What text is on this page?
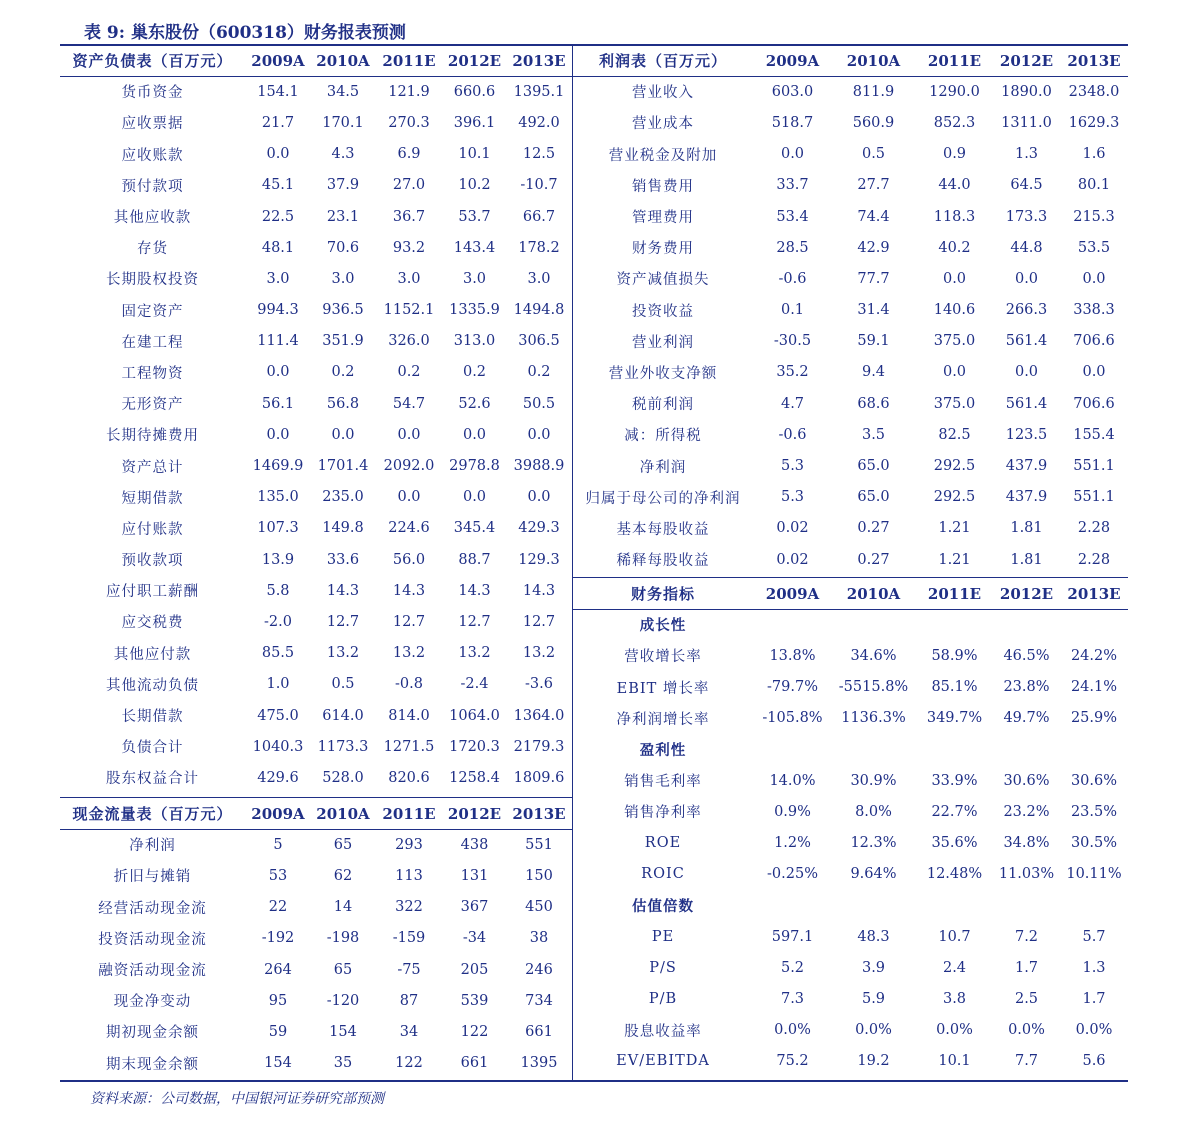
表 9: 巢东股份（600318）财务报表预测
资产负债表（百万元）	2009A	2010A	2011E	2012E	2013E
货币资金	154.1	34.5	121.9	660.6	1395.1
应收票据	21.7	170.1	270.3	396.1	492.0
应收账款	0.0	4.3	6.9	10.1	12.5
预付款项	45.1	37.9	27.0	10.2	-10.7
其他应收款	22.5	23.1	36.7	53.7	66.7
存货	48.1	70.6	93.2	143.4	178.2
长期股权投资	3.0	3.0	3.0	3.0	3.0
固定资产	994.3	936.5	1152.1	1335.9	1494.8
在建工程	111.4	351.9	326.0	313.0	306.5
工程物资	0.0	0.2	0.2	0.2	0.2
无形资产	56.1	56.8	54.7	52.6	50.5
长期待摊费用	0.0	0.0	0.0	0.0	0.0
资产总计	1469.9	1701.4	2092.0	2978.8	3988.9
短期借款	135.0	235.0	0.0	0.0	0.0
应付账款	107.3	149.8	224.6	345.4	429.3
预收款项	13.9	33.6	56.0	88.7	129.3
应付职工薪酬	5.8	14.3	14.3	14.3	14.3
应交税费	-2.0	12.7	12.7	12.7	12.7
其他应付款	85.5	13.2	13.2	13.2	13.2
其他流动负债	1.0	0.5	-0.8	-2.4	-3.6
长期借款	475.0	614.0	814.0	1064.0	1364.0
负债合计	1040.3	1173.3	1271.5	1720.3	2179.3
股东权益合计	429.6	528.0	820.6	1258.4	1809.6
现金流量表（百万元）	2009A	2010A	2011E	2012E	2013E
净利润	5	65	293	438	551
折旧与摊销	53	62	113	131	150
经营活动现金流	22	14	322	367	450
投资活动现金流	-192	-198	-159	-34	38
融资活动现金流	264	65	-75	205	246
现金净变动	95	-120	87	539	734
期初现金余额	59	154	34	122	661
期末现金余额	154	35	122	661	1395
利润表（百万元）	2009A	2010A	2011E	2012E	2013E
营业收入	603.0	811.9	1290.0	1890.0	2348.0
营业成本	518.7	560.9	852.3	1311.0	1629.3
营业税金及附加	0.0	0.5	0.9	1.3	1.6
销售费用	33.7	27.7	44.0	64.5	80.1
管理费用	53.4	74.4	118.3	173.3	215.3
财务费用	28.5	42.9	40.2	44.8	53.5
资产减值损失	-0.6	77.7	0.0	0.0	0.0
投资收益	0.1	31.4	140.6	266.3	338.3
营业利润	-30.5	59.1	375.0	561.4	706.6
营业外收支净额	35.2	9.4	0.0	0.0	0.0
税前利润	4.7	68.6	375.0	561.4	706.6
减：所得税	-0.6	3.5	82.5	123.5	155.4
净利润	5.3	65.0	292.5	437.9	551.1
归属于母公司的净利润	5.3	65.0	292.5	437.9	551.1
基本每股收益	0.02	0.27	1.21	1.81	2.28
稀释每股收益	0.02	0.27	1.21	1.81	2.28
财务指标	2009A	2010A	2011E	2012E	2013E
成长性					
营收增长率	13.8%	34.6%	58.9%	46.5%	24.2%
EBIT 增长率	-79.7%	-5515.8%	85.1%	23.8%	24.1%
净利润增长率	-105.8%	1136.3%	349.7%	49.7%	25.9%
盈利性					
销售毛利率	14.0%	30.9%	33.9%	30.6%	30.6%
销售净利率	0.9%	8.0%	22.7%	23.2%	23.5%
ROE	1.2%	12.3%	35.6%	34.8%	30.5%
ROIC	-0.25%	9.64%	12.48%	11.03%	10.11%
估值倍数					
PE	597.1	48.3	10.7	7.2	5.7
P/S	5.2	3.9	2.4	1.7	1.3
P/B	7.3	5.9	3.8	2.5	1.7
股息收益率	0.0%	0.0%	0.0%	0.0%	0.0%
EV/EBITDA	75.2	19.2	10.1	7.7	5.6
资料来源：公司数据，中国银河证券研究部预测
